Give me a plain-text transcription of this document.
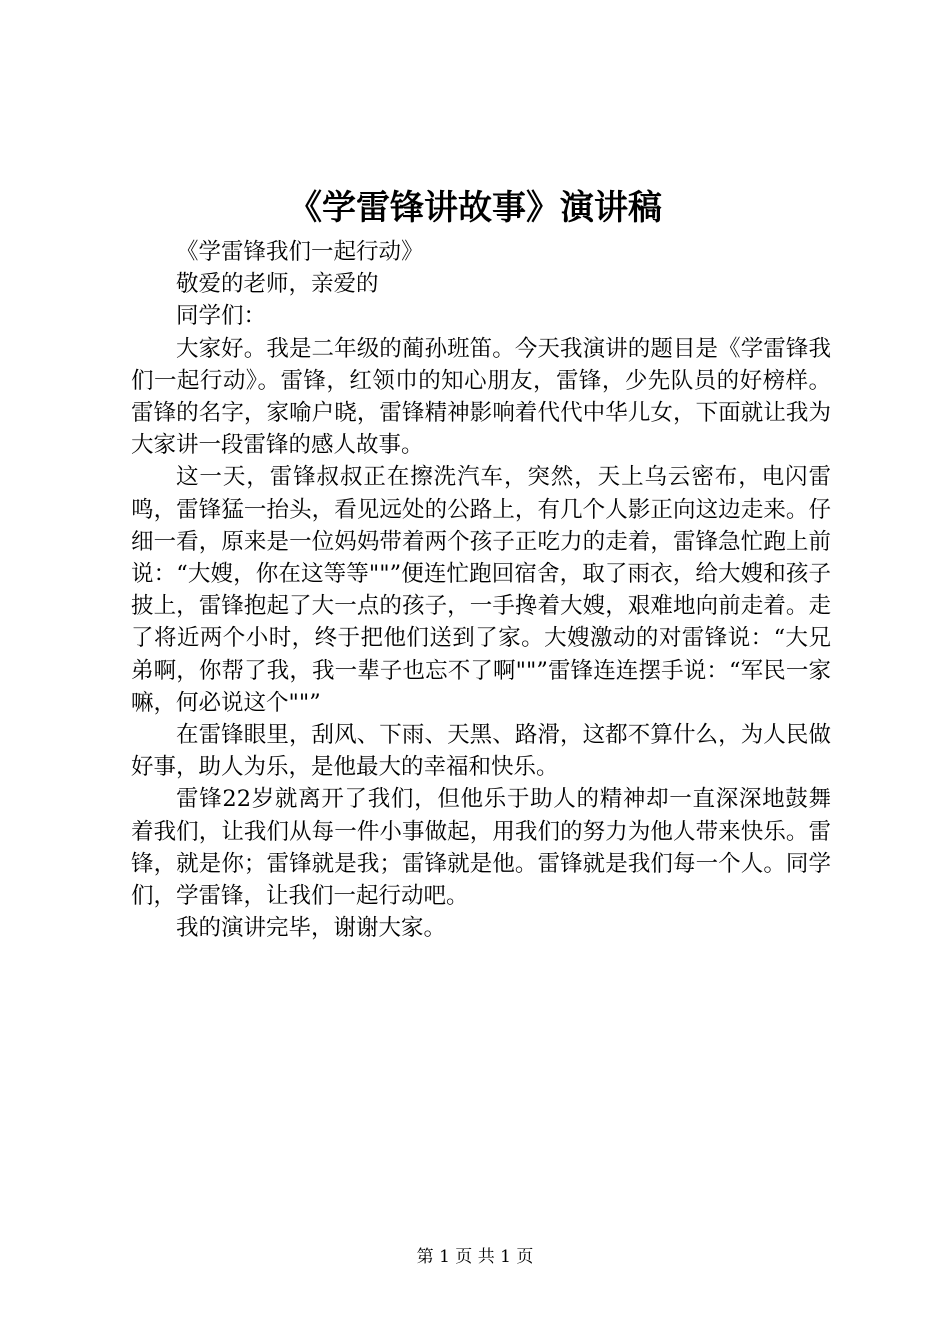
《学雷锋讲故事》演讲稿

《学雷锋我们一起行动》

敬爱的老师，亲爱的

同学们：

大家好。我是二年级的蔺孙班笛。今天我演讲的题目是《学雷锋我们一起行动》。雷锋，红领巾的知心朋友，雷锋，少先队员的好榜样。雷锋的名字，家喻户晓，雷锋精神影响着代代中华儿女，下面就让我为大家讲一段雷锋的感人故事。

这一天，雷锋叔叔正在擦洗汽车，突然，天上乌云密布，电闪雷鸣，雷锋猛一抬头，看见远处的公路上，有几个人影正向这边走来。仔细一看，原来是一位妈妈带着两个孩子正吃力的走着，雷锋急忙跑上前说：“大嫂，你在这等等""”便连忙跑回宿舍，取了雨衣，给大嫂和孩子披上，雷锋抱起了大一点的孩子，一手搀着大嫂，艰难地向前走着。走了将近两个小时，终于把他们送到了家。大嫂激动的对雷锋说：“大兄弟啊，你帮了我，我一辈子也忘不了啊""”雷锋连连摆手说：“军民一家嘛，何必说这个""”

在雷锋眼里，刮风、下雨、天黑、路滑，这都不算什么，为人民做好事，助人为乐，是他最大的幸福和快乐。

雷锋22岁就离开了我们，但他乐于助人的精神却一直深深地鼓舞着我们，让我们从每一件小事做起，用我们的努力为他人带来快乐。雷锋，就是你；雷锋就是我；雷锋就是他。雷锋就是我们每一个人。同学们，学雷锋，让我们一起行动吧。

我的演讲完毕，谢谢大家。

第 1 页 共 1 页
